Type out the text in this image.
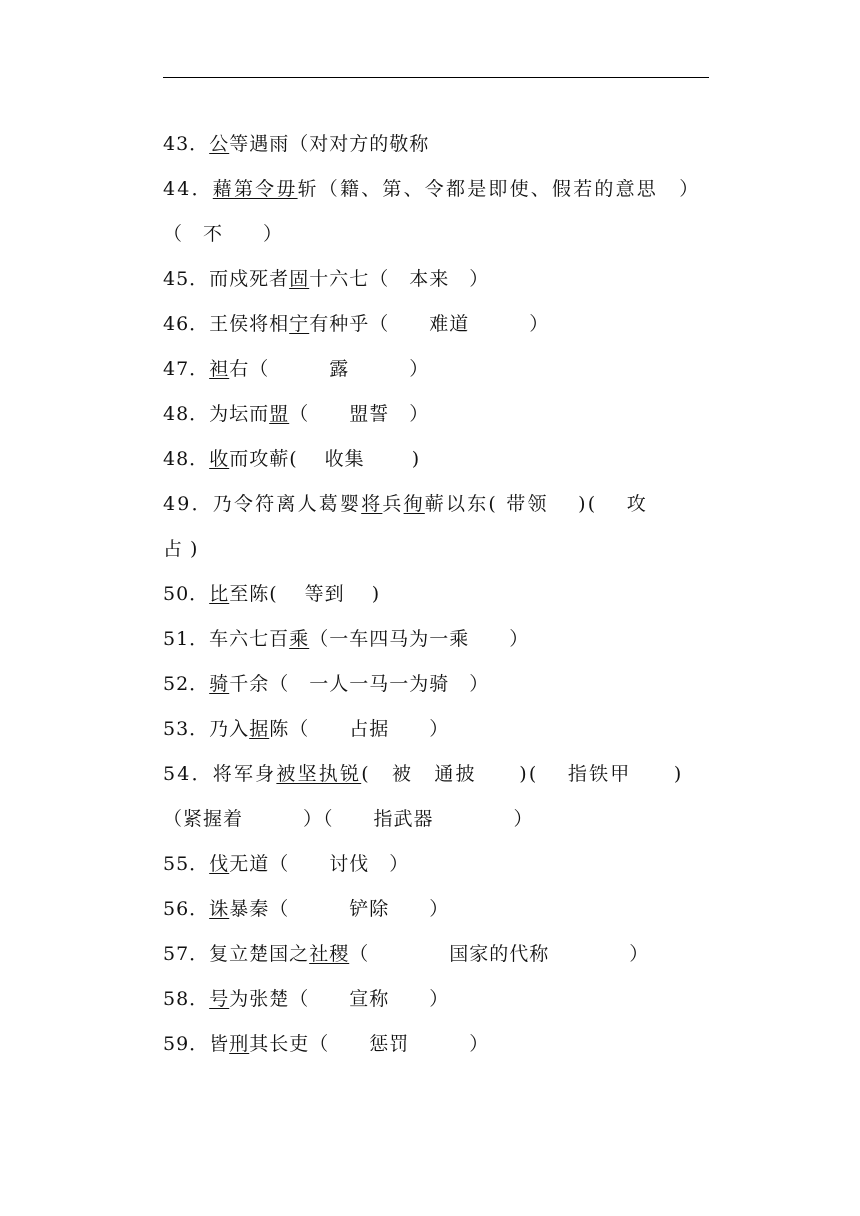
43．公等遇雨（对对方的敬称
44．藉第令毋斩（籍、第、令都是即使、假若的意思　）
（　不　　）
45．而戍死者固十六七（　本来　）
46．王侯将相宁有种乎（　　难道　　　）
47．袒右（　　　露　　　）
48．为坛而盟（　　盟誓　）
48．收而攻蕲(　 收集　　 )
49．乃令符离人葛婴将兵徇蕲以东( 带领　 )(　 攻
占 )
50．比至陈(　 等到　 )
51．车六七百乘（一车四马为一乘　　）
52．骑千余（　一人一马一为骑　）
53．乃入据陈（　　占据　　）
54．将军身被坚执锐(　被　通披　　)(　 指铁甲　　)
（紧握着　　　）（　　指武器　　　　）
55．伐无道（　　讨伐　）
56．诛暴秦（　　　铲除　　）
57．复立楚国之社稷（　　　　国家的代称　　　　）
58．号为张楚（　　宣称　　）
59．皆刑其长吏（　　惩罚　　　）
